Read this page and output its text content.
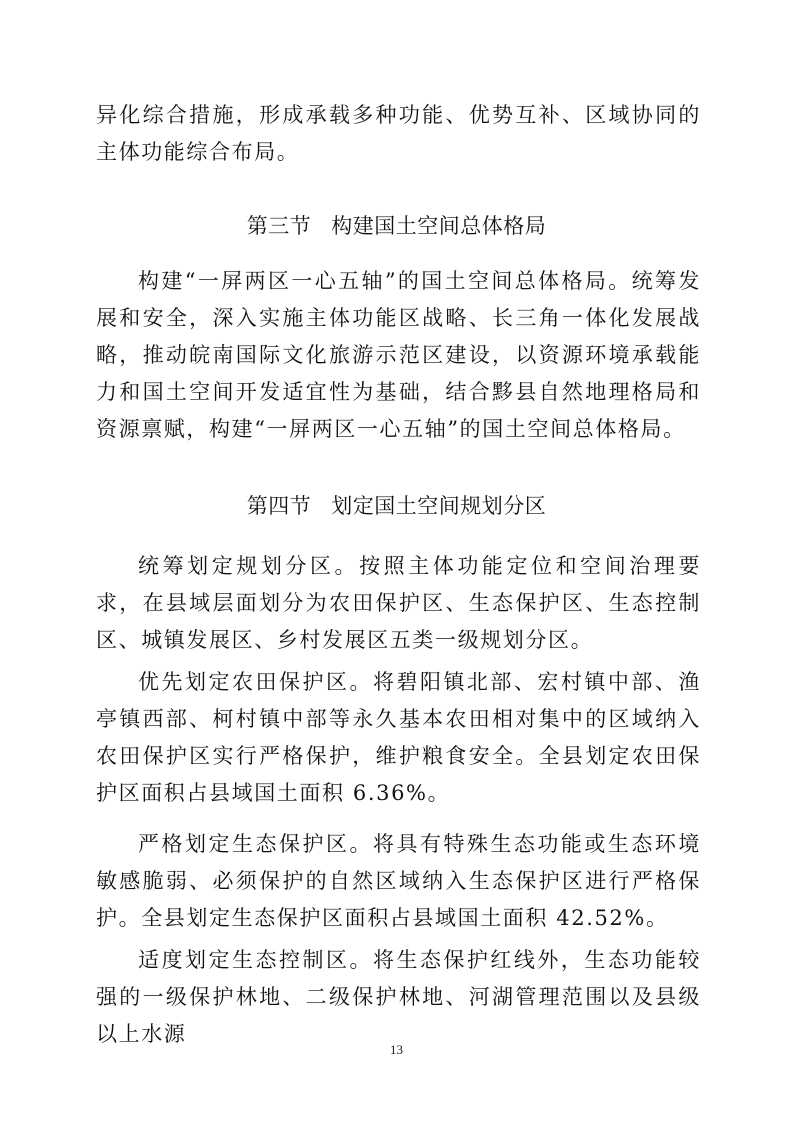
异化综合措施，形成承载多种功能、优势互补、区域协同的主体功能综合布局。

第三节 构建国土空间总体格局

构建“一屏两区一心五轴”的国土空间总体格局。统筹发展和安全，深入实施主体功能区战略、长三角一体化发展战略，推动皖南国际文化旅游示范区建设，以资源环境承载能力和国土空间开发适宜性为基础，结合黟县自然地理格局和资源禀赋，构建“一屏两区一心五轴”的国土空间总体格局。

第四节 划定国土空间规划分区

统筹划定规划分区。按照主体功能定位和空间治理要求，在县域层面划分为农田保护区、生态保护区、生态控制区、城镇发展区、乡村发展区五类一级规划分区。

优先划定农田保护区。将碧阳镇北部、宏村镇中部、渔亭镇西部、柯村镇中部等永久基本农田相对集中的区域纳入农田保护区实行严格保护，维护粮食安全。全县划定农田保护区面积占县域国土面积 6.36%。

严格划定生态保护区。将具有特殊生态功能或生态环境敏感脆弱、必须保护的自然区域纳入生态保护区进行严格保护。全县划定生态保护区面积占县域国土面积 42.52%。

适度划定生态控制区。将生态保护红线外，生态功能较强的一级保护林地、二级保护林地、河湖管理范围以及县级以上水源

13
